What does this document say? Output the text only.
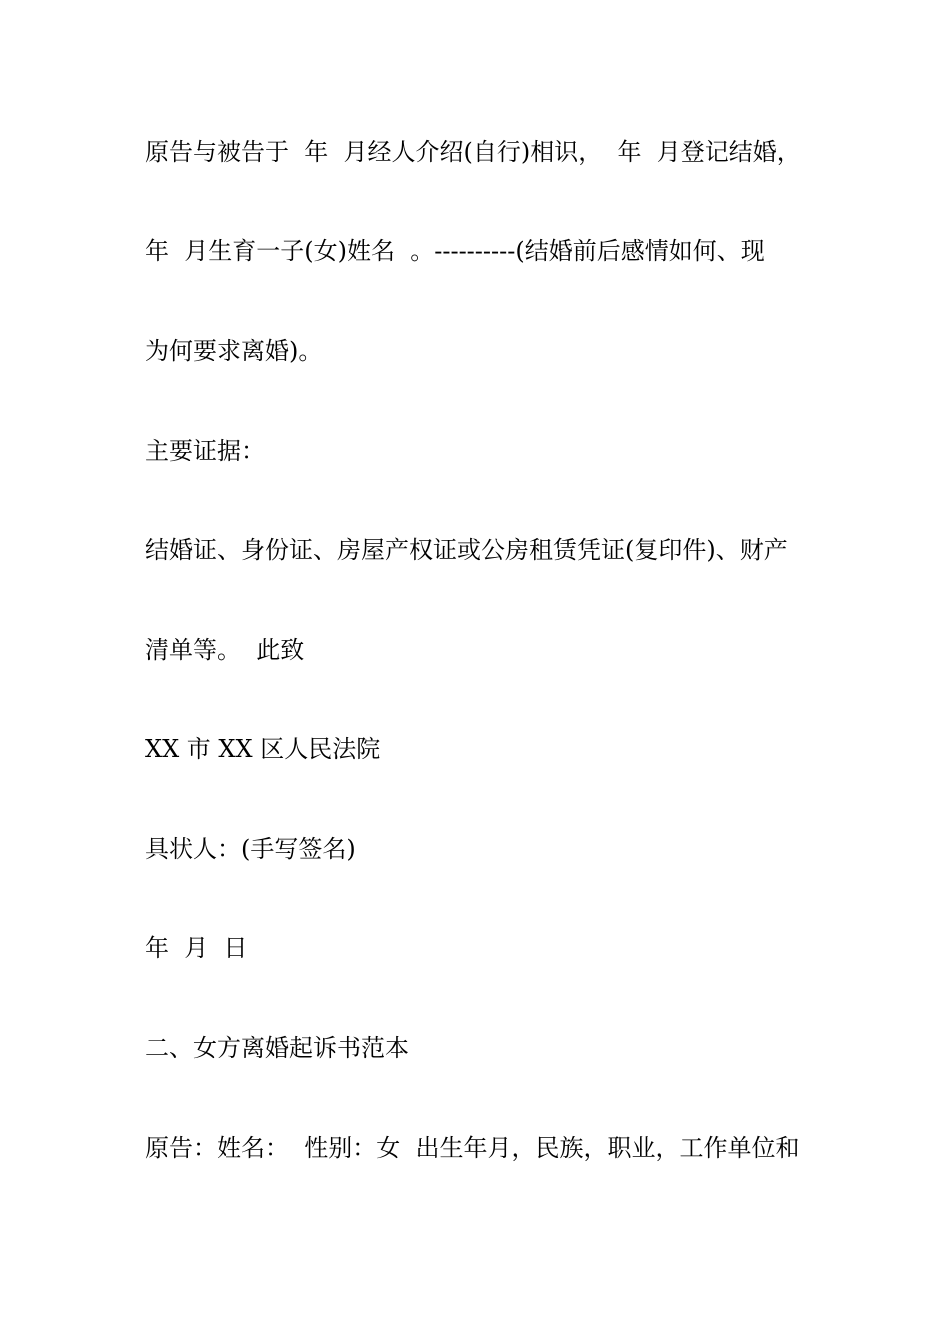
原告与被告于  年  月经人介绍(自行)相识，  年  月登记结婚，

年  月生育一子(女)姓名  。----------(结婚前后感情如何、现

为何要求离婚)。

主要证据：

结婚证、身份证、房屋产权证或公房租赁凭证(复印件)、财产

清单等。  此致

XX 市 XX 区人民法院

具状人：(手写签名)

年  月  日

二、女方离婚起诉书范本

原告：姓名：  性别：女  出生年月，民族，职业，工作单位和
